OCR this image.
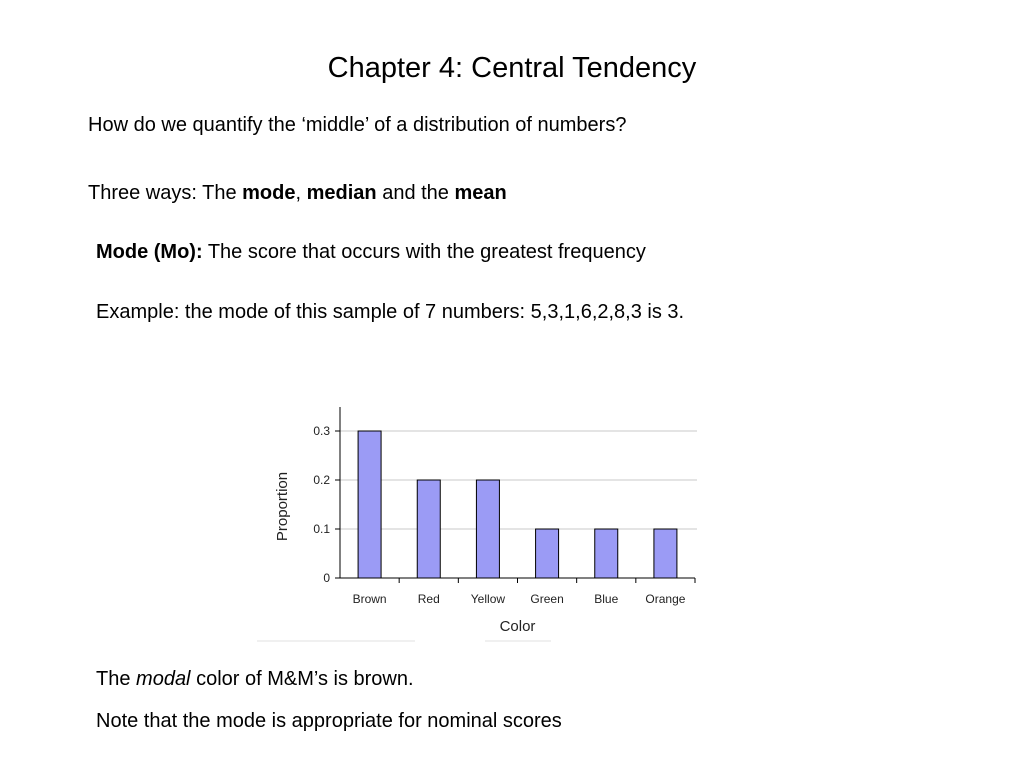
Chapter 4: Central Tendency
How do we quantify the ‘middle’ of a distribution of numbers?
Three ways: The mode, median and the mean
Mode (Mo): The score that occurs with the greatest frequency
Example: the mode of this sample of 7 numbers: 5,3,1,6,2,8,3 is 3.
0
0.1
0.2
0.3
Brown	Red	Yellow Green	Blue Orange
Color
Proportion
The modal color of M&M’s is brown.
Note that the mode is appropriate for nominal scores
